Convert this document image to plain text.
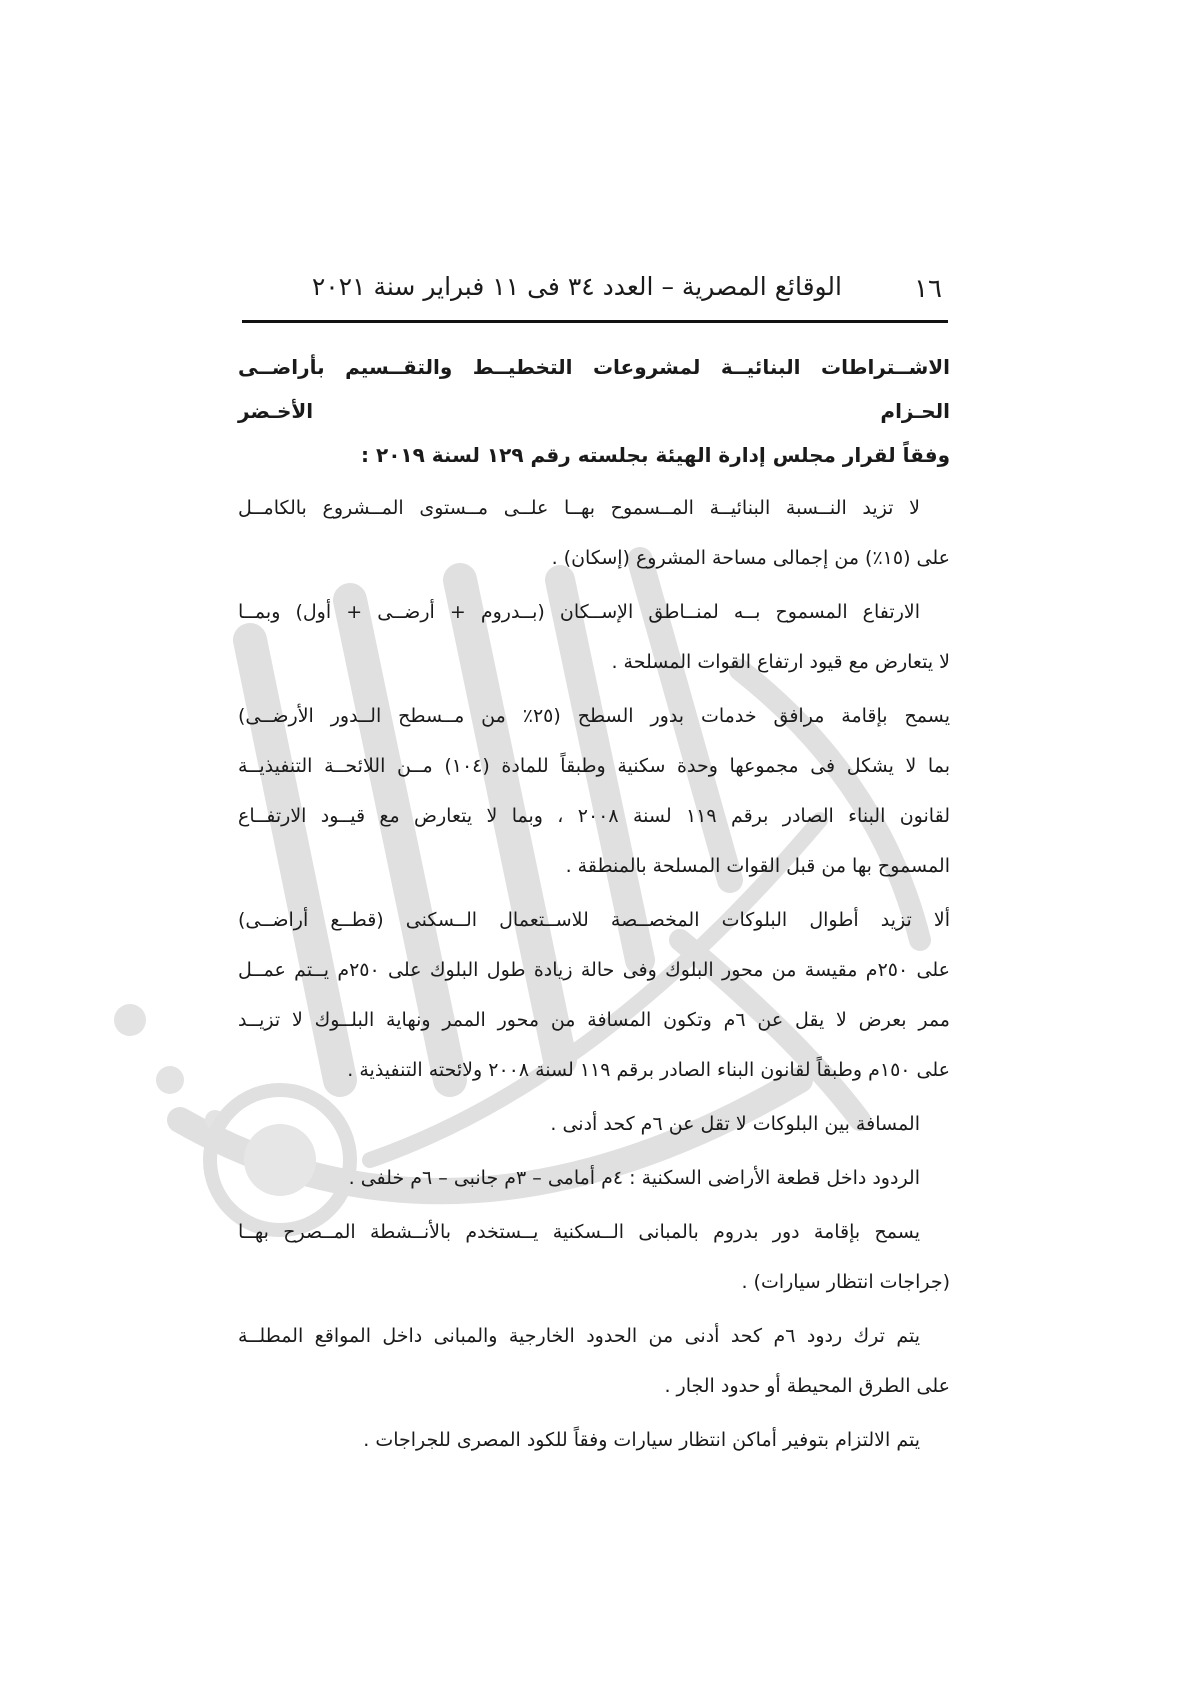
١٦
الوقائع المصرية – العدد ٣٤ فى ١١ فبراير سنة ٢٠٢١
الاشــتراطات البنائيــة لمشروعات التخطيــط والتقــسيم بأراضــى الحـزام الأخـضر
وفقاً لقرار مجلس إدارة الهيئة بجلسته رقم ١٢٩ لسنة ٢٠١٩ :
لا تزيد النــسبة البنائيــة المــسموح بهــا علــى مــستوى المــشروع بالكامــل
على (١٥٪) من إجمالى مساحة المشروع (إسكان) .
الارتفاع المسموح بــه لمنــاطق الإســكان (بــدروم + أرضــى + أول) وبمــا
لا يتعارض مع قيود ارتفاع القوات المسلحة .
يسمح بإقامة مرافق خدمات بدور السطح (٢٥٪ من مــسطح الــدور الأرضــى)
بما لا يشكل فى مجموعها وحدة سكنية وطبقاً للمادة (١٠٤) مــن اللائحــة التنفيذيــة
لقانون البناء الصادر برقم ١١٩ لسنة ٢٠٠٨ ، وبما لا يتعارض مع قيــود الارتفــاع
المسموح بها من قبل القوات المسلحة بالمنطقة .
ألا تزيد أطوال البلوكات المخصــصة للاســتعمال الــسكنى (قطــع أراضــى)
على ٢٥٠م مقيسة من محور البلوك وفى حالة زيادة طول البلوك على ٢٥٠م يــتم عمــل
ممر بعرض لا يقل عن ٦م وتكون المسافة من محور الممر ونهاية البلــوك لا تزيــد
على ١٥٠م وطبقاً لقانون البناء الصادر برقم ١١٩ لسنة ٢٠٠٨ ولائحته التنفيذية .
المسافة بين البلوكات لا تقل عن ٦م كحد أدنى .
الردود داخل قطعة الأراضى السكنية : ٤م أمامى – ٣م جانبى – ٦م خلفى .
يسمح بإقامة دور بدروم بالمبانى الــسكنية يــستخدم بالأنــشطة المــصرح بهــا
(جراجات انتظار سيارات) .
يتم ترك ردود ٦م كحد أدنى من الحدود الخارجية والمبانى داخل المواقع المطلــة
على الطرق المحيطة أو حدود الجار .
يتم الالتزام بتوفير أماكن انتظار سيارات وفقاً للكود المصرى للجراجات .
